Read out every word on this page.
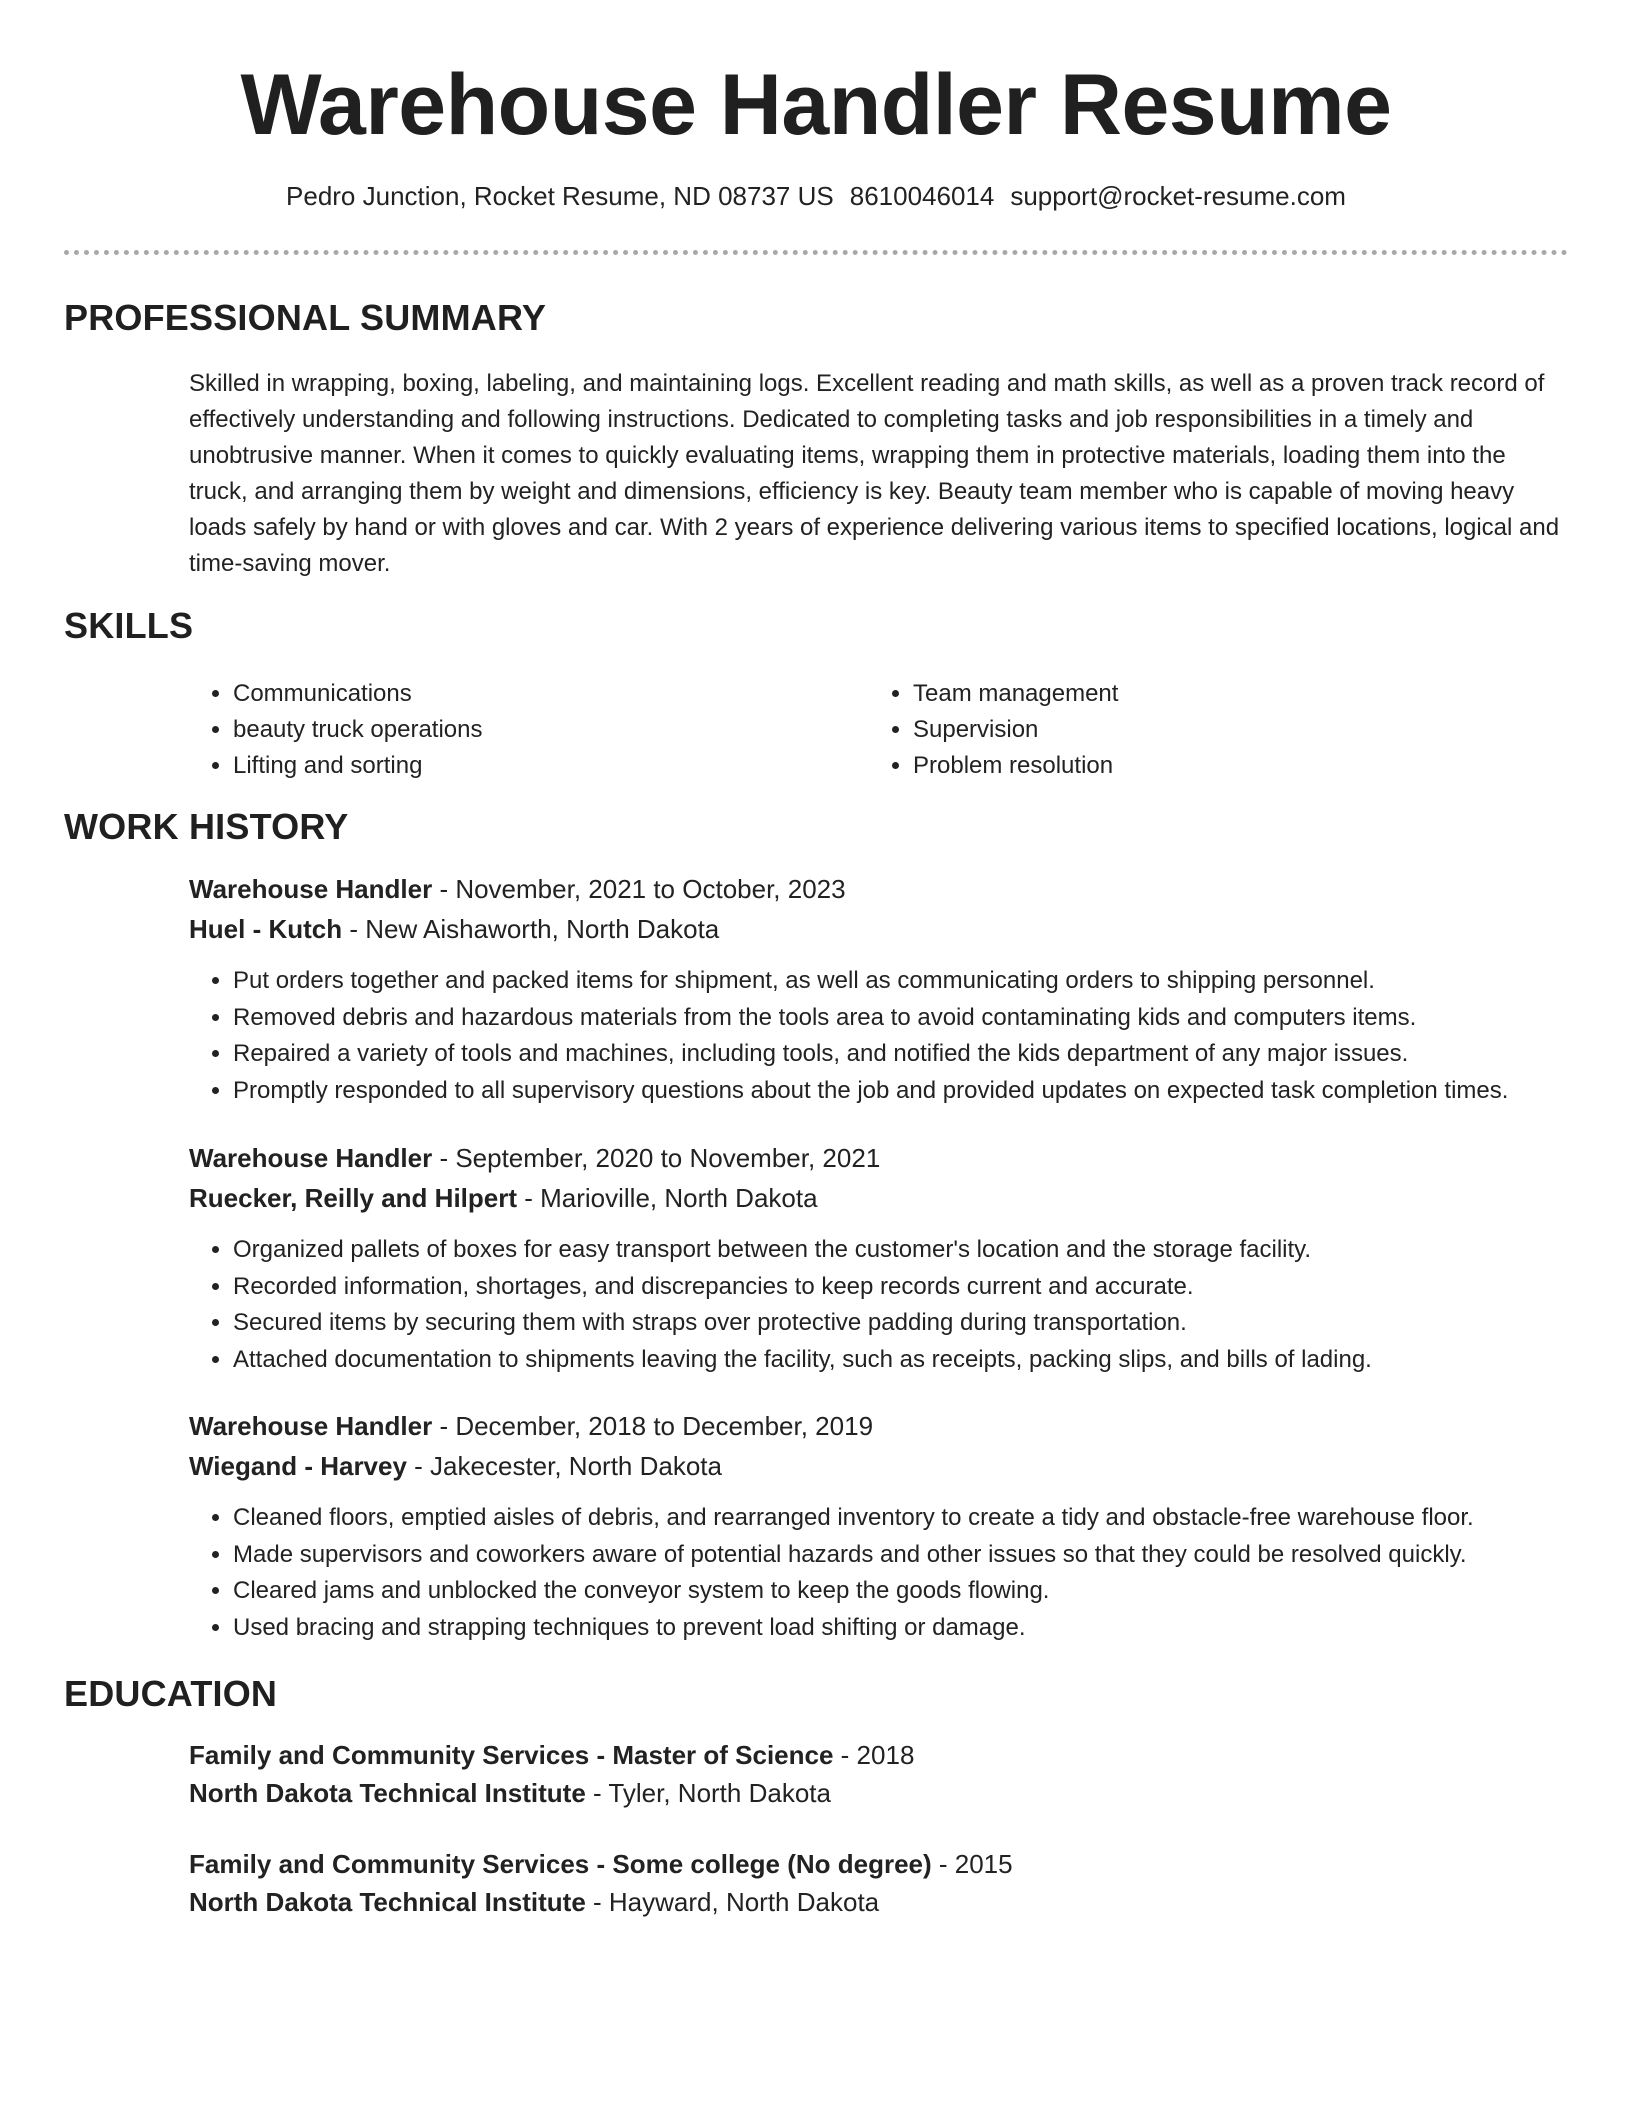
Warehouse Handler Resume
Pedro Junction, Rocket Resume, ND 08737 US 8610046014 support@rocket-resume.com
PROFESSIONAL SUMMARY
Skilled in wrapping, boxing, labeling, and maintaining logs. Excellent reading and math skills, as well as a proven track record of effectively understanding and following instructions. Dedicated to completing tasks and job responsibilities in a timely and unobtrusive manner. When it comes to quickly evaluating items, wrapping them in protective materials, loading them into the truck, and arranging them by weight and dimensions, efficiency is key. Beauty team member who is capable of moving heavy loads safely by hand or with gloves and car. With 2 years of experience delivering various items to specified locations, logical and time-saving mover.
SKILLS
• Communications
• beauty truck operations
• Lifting and sorting
• Team management
• Supervision
• Problem resolution
WORK HISTORY
Warehouse Handler - November, 2021 to October, 2023
Huel - Kutch - New Aishaworth, North Dakota
• Put orders together and packed items for shipment, as well as communicating orders to shipping personnel.
• Removed debris and hazardous materials from the tools area to avoid contaminating kids and computers items.
• Repaired a variety of tools and machines, including tools, and notified the kids department of any major issues.
• Promptly responded to all supervisory questions about the job and provided updates on expected task completion times.
Warehouse Handler - September, 2020 to November, 2021
Ruecker, Reilly and Hilpert - Marioville, North Dakota
• Organized pallets of boxes for easy transport between the customer's location and the storage facility.
• Recorded information, shortages, and discrepancies to keep records current and accurate.
• Secured items by securing them with straps over protective padding during transportation.
• Attached documentation to shipments leaving the facility, such as receipts, packing slips, and bills of lading.
Warehouse Handler - December, 2018 to December, 2019
Wiegand - Harvey - Jakecester, North Dakota
• Cleaned floors, emptied aisles of debris, and rearranged inventory to create a tidy and obstacle-free warehouse floor.
• Made supervisors and coworkers aware of potential hazards and other issues so that they could be resolved quickly.
• Cleared jams and unblocked the conveyor system to keep the goods flowing.
• Used bracing and strapping techniques to prevent load shifting or damage.
EDUCATION
Family and Community Services - Master of Science - 2018
North Dakota Technical Institute - Tyler, North Dakota
Family and Community Services - Some college (No degree) - 2015
North Dakota Technical Institute - Hayward, North Dakota
